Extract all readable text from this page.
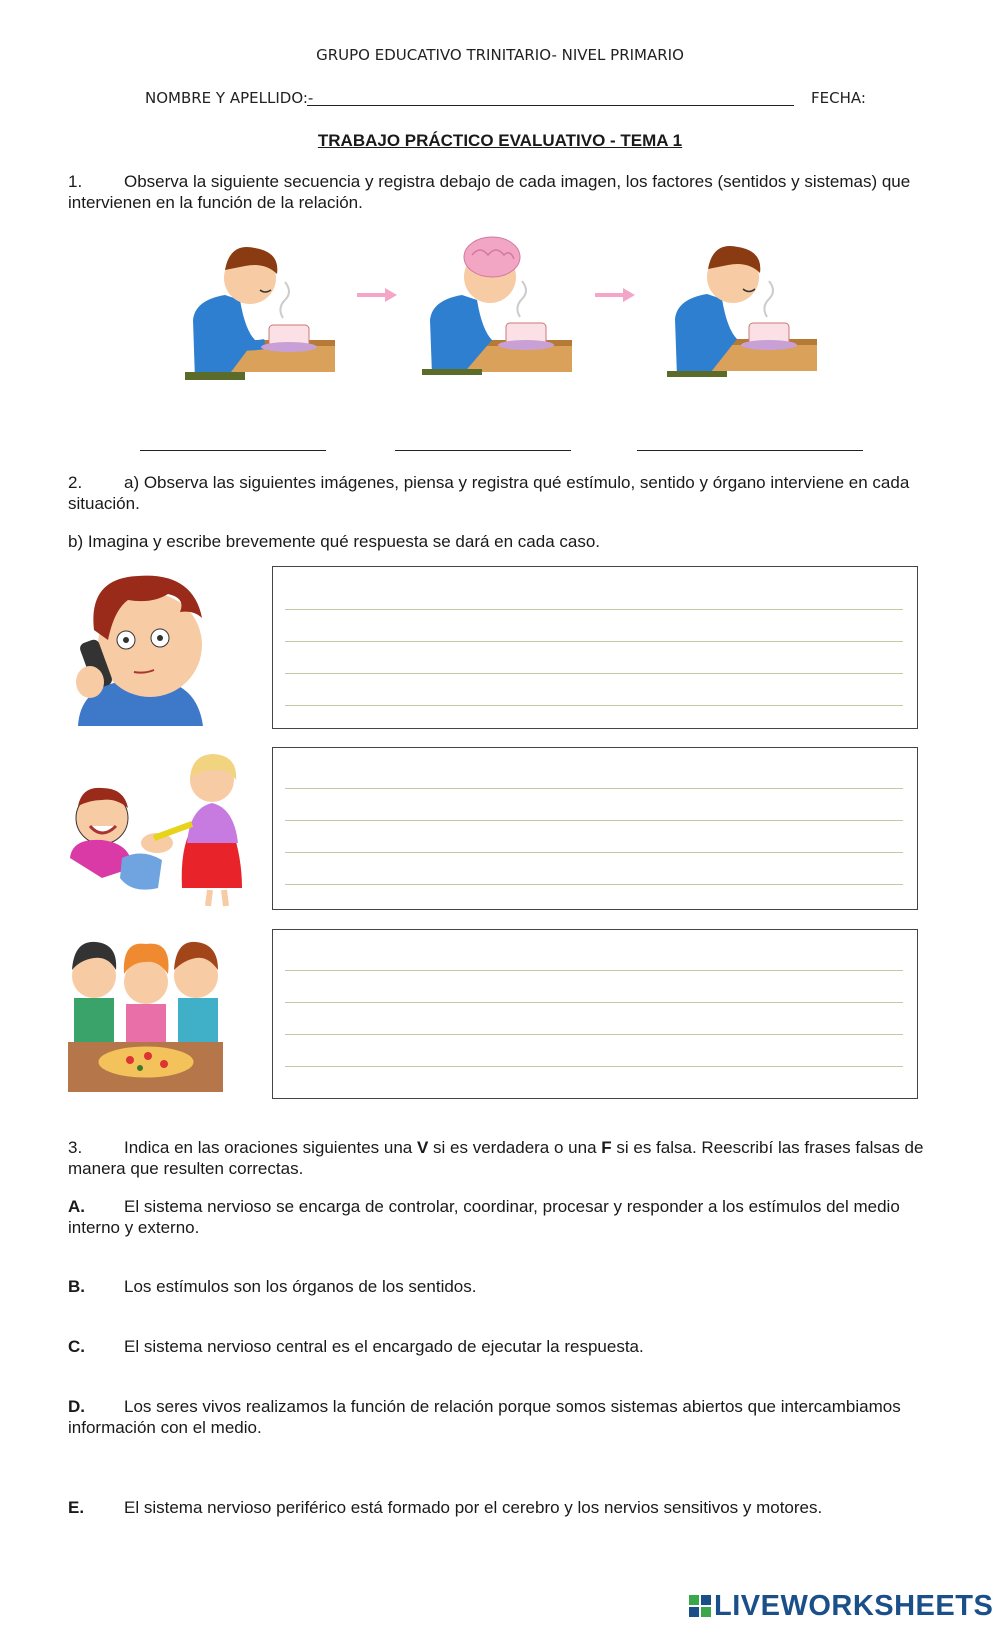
GRUPO EDUCATIVO TRINITARIO- NIVEL PRIMARIO
NOMBRE Y APELLIDO:-	FECHA:
TRABAJO PRÁCTICO EVALUATIVO - TEMA 1
1. Observa la siguiente secuencia y registra debajo de cada imagen, los factores (sentidos y sistemas) que intervienen en la función de la relación.
2. a) Observa las siguientes imágenes, piensa y registra qué estímulo, sentido y órgano interviene en cada situación.
b) Imagina y escribe brevemente qué respuesta se dará en cada caso.
3. Indica en las oraciones siguientes una V si es verdadera o una F si es falsa. Reescribí las frases falsas de manera que resulten correctas.
A. El sistema nervioso se encarga de controlar, coordinar, procesar y responder a los estímulos del medio interno y externo.
B. Los estímulos son los órganos de los sentidos.
C. El sistema nervioso central es el encargado de ejecutar la respuesta.
D. Los seres vivos realizamos la función de relación porque somos sistemas abiertos que intercambiamos información con el medio.
E. El sistema nervioso periférico está formado por el cerebro y los nervios sensitivos y motores.
LIVEWORKSHEETS
